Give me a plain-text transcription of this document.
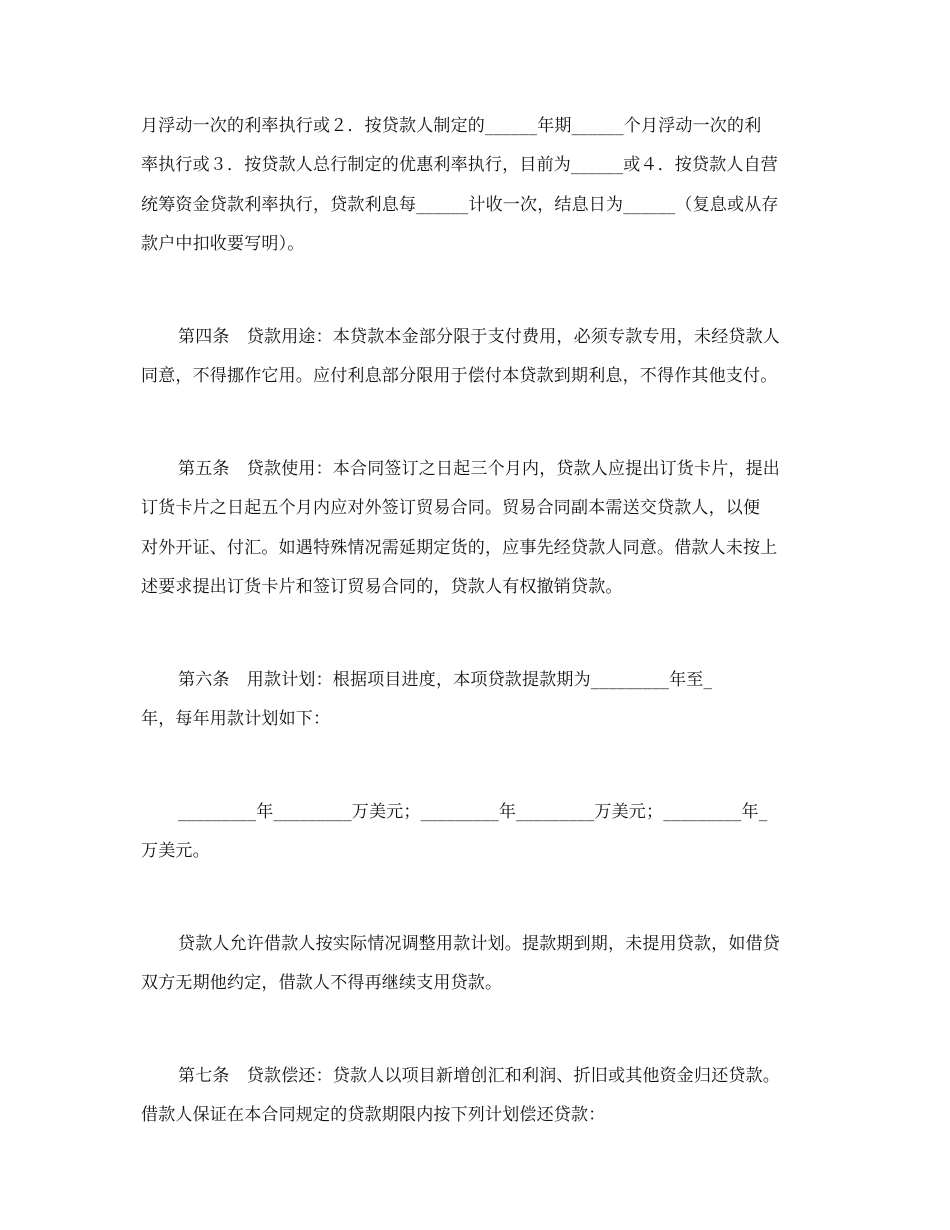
月浮动一次的利率执行或２．按贷款人制定的______年期______个月浮动一次的利
率执行或３．按贷款人总行制定的优惠利率执行，目前为______或４．按贷款人自营
统筹资金贷款利率执行，贷款利息每______计收一次，结息日为______（复息或从存
款户中扣收要写明）。
第四条　贷款用途：本贷款本金部分限于支付费用，必须专款专用，未经贷款人
同意，不得挪作它用。应付利息部分限用于偿付本贷款到期利息，不得作其他支付。
第五条　贷款使用：本合同签订之日起三个月内，贷款人应提出订货卡片，提出
订货卡片之日起五个月内应对外签订贸易合同。贸易合同副本需送交贷款人，以便
对外开证、付汇。如遇特殊情况需延期定货的，应事先经贷款人同意。借款人未按上
述要求提出订货卡片和签订贸易合同的，贷款人有权撤销贷款。
第六条　用款计划：根据项目进度，本项贷款提款期为_________年至_
年，每年用款计划如下：
_________年_________万美元；_________年_________万美元；_________年_
万美元。
贷款人允许借款人按实际情况调整用款计划。提款期到期，未提用贷款，如借贷
双方无期他约定，借款人不得再继续支用贷款。
第七条　贷款偿还：贷款人以项目新增创汇和利润、折旧或其他资金归还贷款。
借款人保证在本合同规定的贷款期限内按下列计划偿还贷款：
